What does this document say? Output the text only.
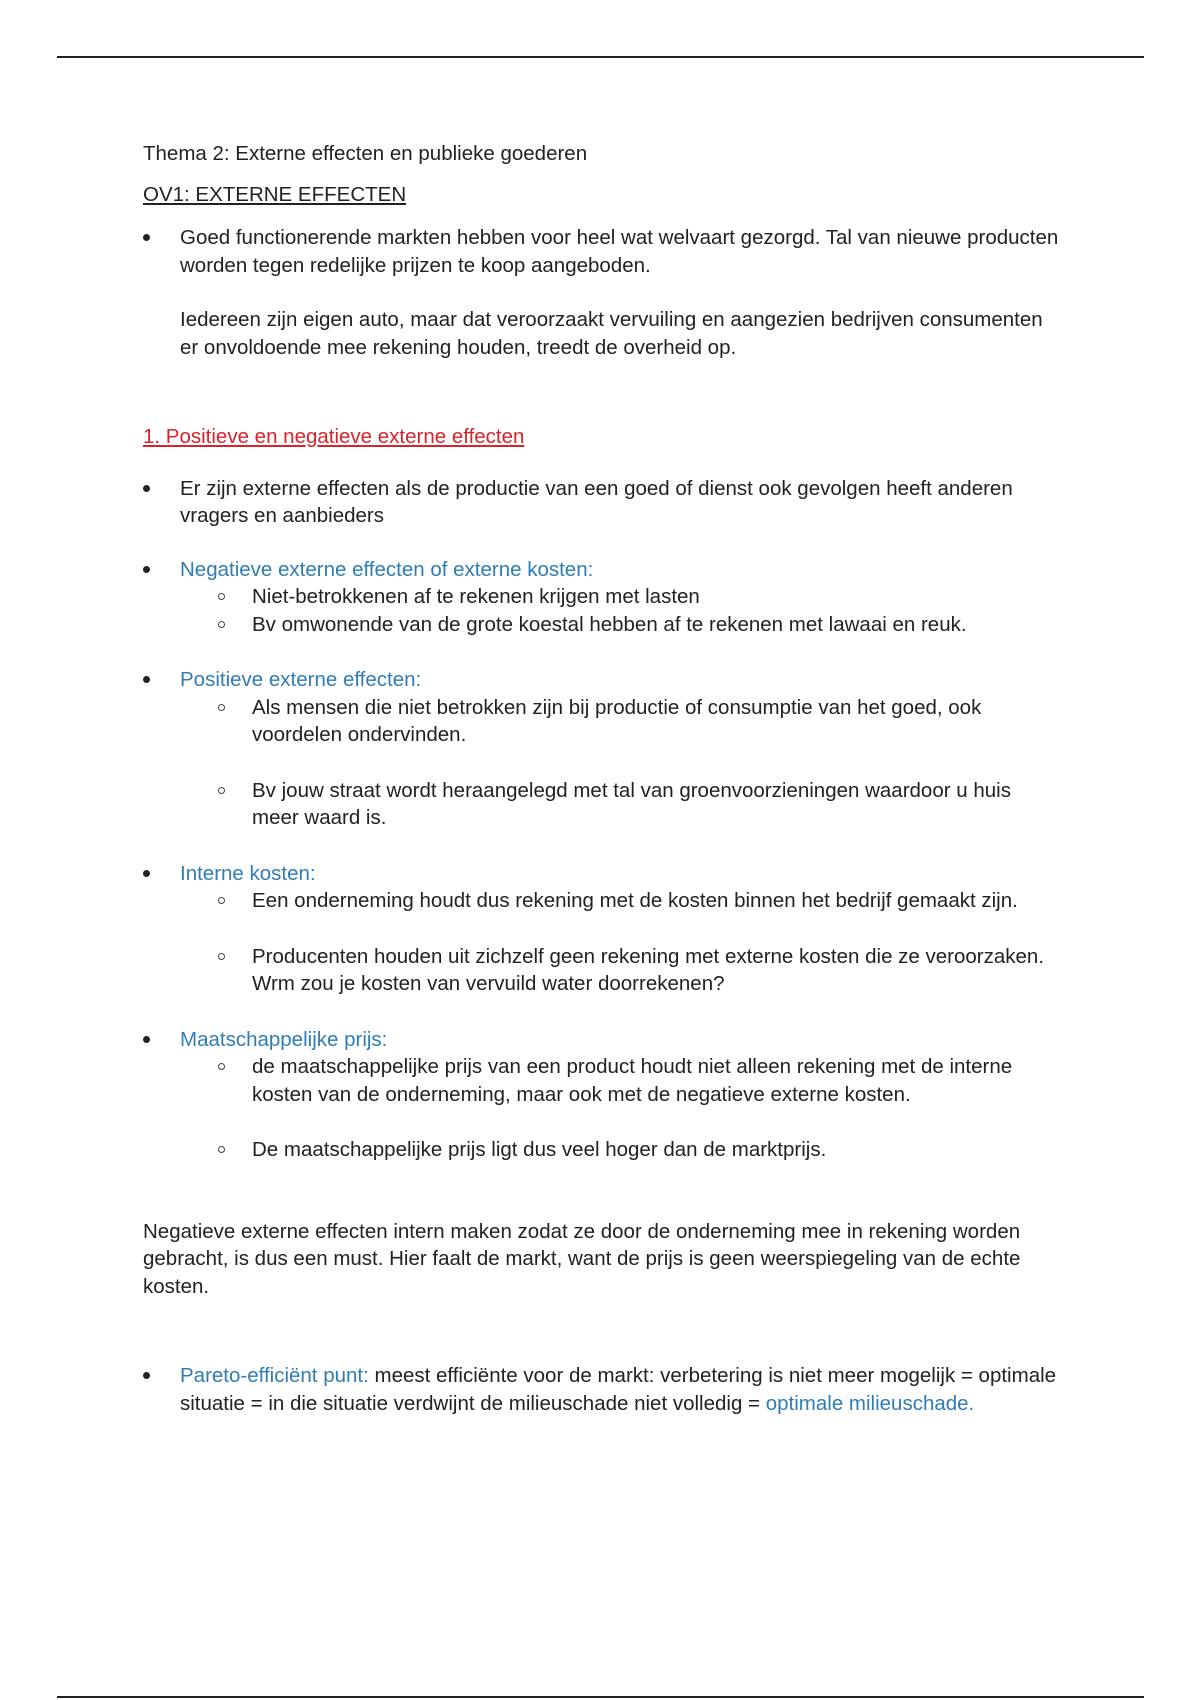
Thema 2: Externe effecten en publieke goederen

OV1: EXTERNE EFFECTEN

Goed functionerende markten hebben voor heel wat welvaart gezorgd. Tal van nieuwe producten worden tegen redelijke prijzen te koop aangeboden.

Iedereen zijn eigen auto, maar dat veroorzaakt vervuiling en aangezien bedrijven consumenten er onvoldoende mee rekening houden, treedt de overheid op.

1. Positieve en negatieve externe effecten

Er zijn externe effecten als de productie van een goed of dienst ook gevolgen heeft anderen vragers en aanbieders

Negatieve externe effecten of externe kosten:

Niet-betrokkenen af te rekenen krijgen met lasten

Bv omwonende van de grote koestal hebben af te rekenen met lawaai en reuk.

Positieve externe effecten:

Als mensen die niet betrokken zijn bij productie of consumptie van het goed, ook voordelen ondervinden.

Bv jouw straat wordt heraangelegd met tal van groenvoorzieningen waardoor u huis meer waard is.

Interne kosten:

Een onderneming houdt dus rekening met de kosten binnen het bedrijf gemaakt zijn.

Producenten houden uit zichzelf geen rekening met externe kosten die ze veroorzaken. Wrm zou je kosten van vervuild water doorrekenen?

Maatschappelijke prijs:

de maatschappelijke prijs van een product houdt niet alleen rekening met de interne kosten van de onderneming, maar ook met de negatieve externe kosten.

De maatschappelijke prijs ligt dus veel hoger dan de marktprijs.

Negatieve externe effecten intern maken zodat ze door de onderneming mee in rekening worden gebracht, is dus een must. Hier faalt de markt, want de prijs is geen weerspiegeling van de echte kosten.

Pareto-efficiënt punt: meest efficiënte voor de markt: verbetering is niet meer mogelijk = optimale situatie = in die situatie verdwijnt de milieuschade niet volledig = optimale milieuschade.
